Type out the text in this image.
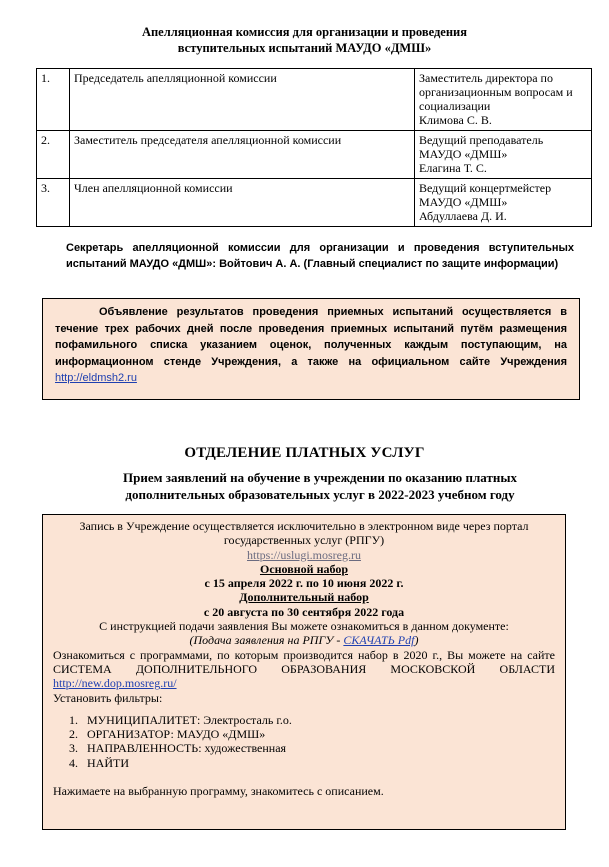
Апелляционная комиссия для организации и проведения
вступительных испытаний МАУДО «ДМШ»
1.	Председатель апелляционной комиссии	Заместитель директора по
организационным вопросам и
социализации
Климова С. В.

2.	Заместитель председателя апелляционной комиссии	Ведущий преподаватель
МАУДО «ДМШ»
Елагина Т. С.

3.	Член апелляционной комиссии	Ведущий концертмейстер
МАУДО «ДМШ»
Абдуллаева Д. И.
Секретарь апелляционной комиссии для организации и проведения вступительных испытаний МАУДО «ДМШ»: Войтович А. А. (Главный специалист по защите информации)
Объявление результатов проведения приемных испытаний осуществляется в течение трех рабочих дней после проведения приемных испытаний путём размещения пофамильного списка указанием оценок, полученных каждым поступающим, на информационном стенде Учреждения, а также на официальном сайте Учреждения http://eldmsh2.ru
ОТДЕЛЕНИЕ ПЛАТНЫХ УСЛУГ
Прием заявлений на обучение в учреждении по оказанию платных
дополнительных образовательных услуг в 2022-2023 учебном году
Запись в Учреждение осуществляется исключительно в электронном виде через портал государственных услуг (РПГУ)
https://uslugi.mosreg.ru
Основной набор
с 15 апреля 2022 г. по 10 июня 2022 г.
Дополнительный набор
с 20 августа по 30 сентября 2022 года
С инструкцией подачи заявления Вы можете ознакомиться в данном документе:
(Подача заявления на РПГУ - СКАЧАТЬ Pdf)
Ознакомиться с программами, по которым производится набор в 2020 г., Вы можете на сайте СИСТЕМА ДОПОЛНИТЕЛЬНОГО ОБРАЗОВАНИЯ МОСКОВСКОЙ ОБЛАСТИ http://new.dop.mosreg.ru/
Установить фильтры:
1. МУНИЦИПАЛИТЕТ: Электросталь г.о.
2. ОРГАНИЗАТОР: МАУДО «ДМШ»
3. НАПРАВЛЕННОСТЬ: художественная
4. НАЙТИ
Нажимаете на выбранную программу, знакомитесь с описанием.
